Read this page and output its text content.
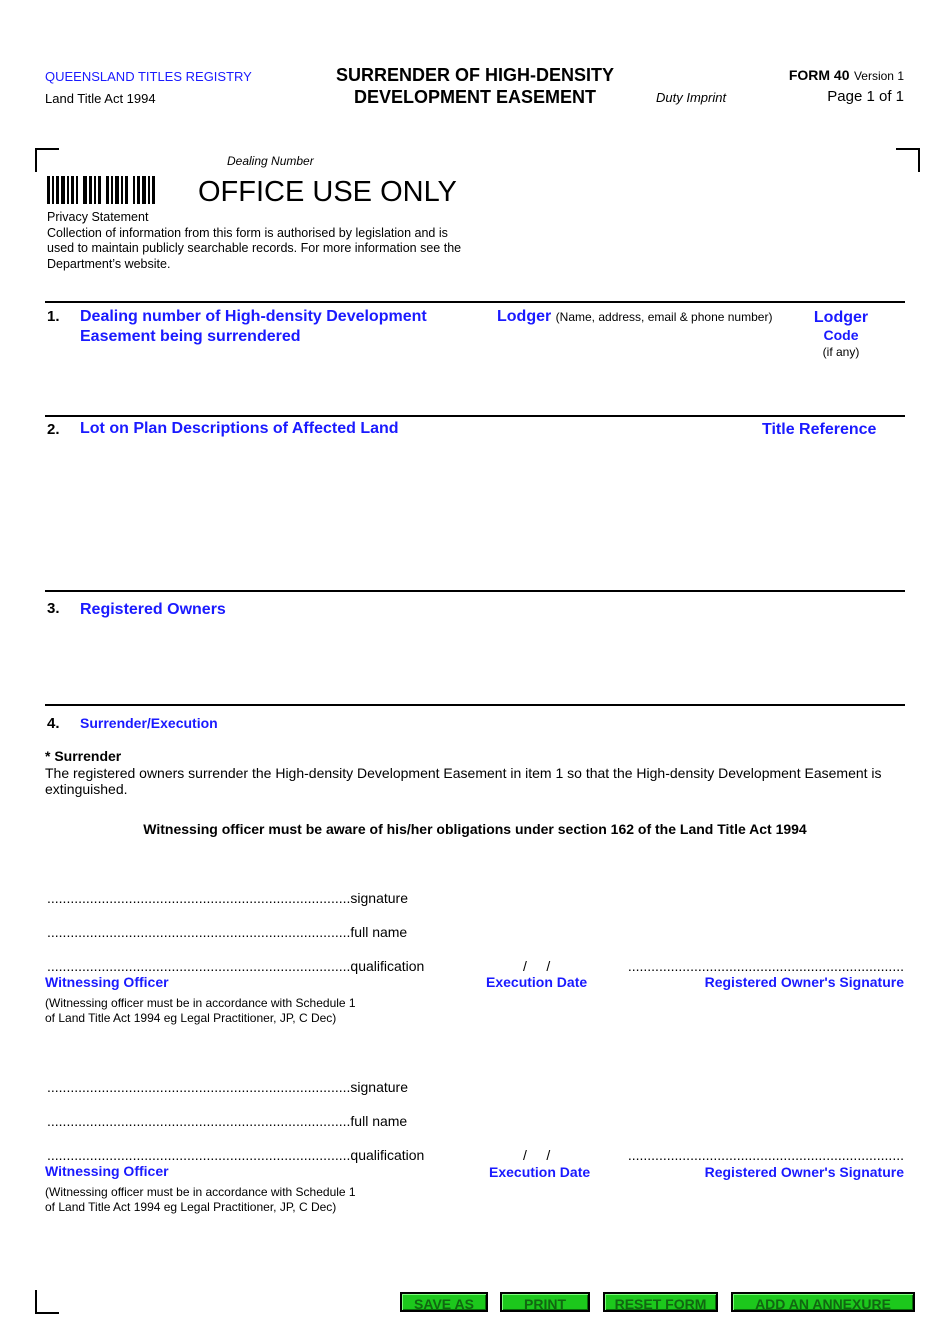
QUEENSLAND TITLES REGISTRY
Land Title Act 1994
SURRENDER OF HIGH-DENSITY
DEVELOPMENT EASEMENT	Duty Imprint
FORM 40 Version 1
Page 1 of 1
Dealing Number
OFFICE USE ONLY
Privacy Statement
Collection of information from this form is authorised by legislation and is
used to maintain publicly searchable records. For more information see the
Department’s website.
1. Dealing number of High-density Development
Easement being surrendered
Lodger (Name, address, email & phone number)	Lodger
Code
(if any)
2. Lot on Plan Descriptions of Affected Land	Title Reference
3. Registered Owners
4. Surrender/Execution
* Surrender
The registered owners surrender the High-density Development Easement in item 1 so that the High-density Development Easement is
extinguished.
Witnessing officer must be aware of his/her obligations under section 162 of the Land Title Act 1994
..............................................................................signature
..............................................................................full name
..............................................................................qualification
Witnessing Officer
(Witnessing officer must be in accordance with Schedule 1
of Land Title Act 1994 eg Legal Practitioner, JP, C Dec)
/     /
Execution Date
.......................................................................
Registered Owner's Signature
..............................................................................signature
..............................................................................full name
..............................................................................qualification
Witnessing Officer
(Witnessing officer must be in accordance with Schedule 1
of Land Title Act 1994 eg Legal Practitioner, JP, C Dec)
/     /
Execution Date
.......................................................................
Registered Owner's Signature
SAVE AS	PRINT	RESET FORM	ADD AN ANNEXURE
